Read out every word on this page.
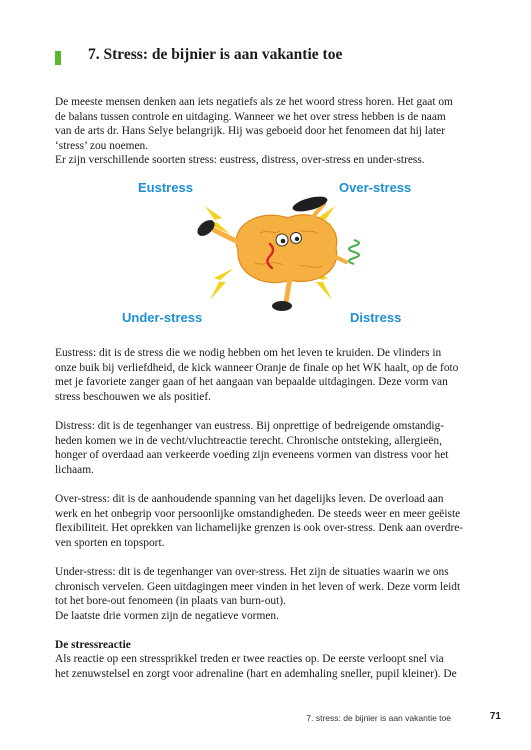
7. Stress: de bijnier is aan vakantie toe

De meeste mensen denken aan iets negatiefs als ze het woord stress horen. Het gaat om

de balans tussen controle en uitdaging. Wanneer we het over stress hebben is de naam

van de arts dr. Hans Selye belangrijk. Hij was geboeid door het fenomeen dat hij later

‘stress’ zou noemen.

Er zijn verschillende soorten stress: eustress, distress, over-stress en under-stress.

Eustress	Over-stress

Under-stress	Distress

Eustress: dit is de stress die we nodig hebben om het leven te kruiden. De vlinders in

onze buik bij verliefdheid, de kick wanneer Oranje de finale op het WK haalt, op de foto

met je favoriete zanger gaan of het aangaan van bepaalde uitdagingen. Deze vorm van

stress beschouwen we als positief.

Distress: dit is de tegenhanger van eustress. Bij onprettige of bedreigende omstandig-

heden komen we in de vecht/vluchtreactie terecht. Chronische ontsteking, allergieën,

honger of overdaad aan verkeerde voeding zijn eveneens vormen van distress voor het

lichaam.

Over-stress: dit is de aanhoudende spanning van het dagelijks leven. De overload aan

werk en het onbegrip voor persoonlijke omstandigheden. De steeds weer en meer geëiste

flexibiliteit. Het oprekken van lichamelijke grenzen is ook over-stress. Denk aan overdre-

ven sporten en topsport.

Under-stress: dit is de tegenhanger van over-stress. Het zijn de situaties waarin we ons

chronisch vervelen. Geen uitdagingen meer vinden in het leven of werk. Deze vorm leidt

tot het bore-out fenomeen (in plaats van burn-out).

De laatste drie vormen zijn de negatieve vormen.

De stressreactie

Als reactie op een stressprikkel treden er twee reacties op. De eerste verloopt snel via

het zenuwstelsel en zorgt voor adrenaline (hart en ademhaling sneller, pupil kleiner). De

7. stress: de bijnier is aan vakantie toe	71
